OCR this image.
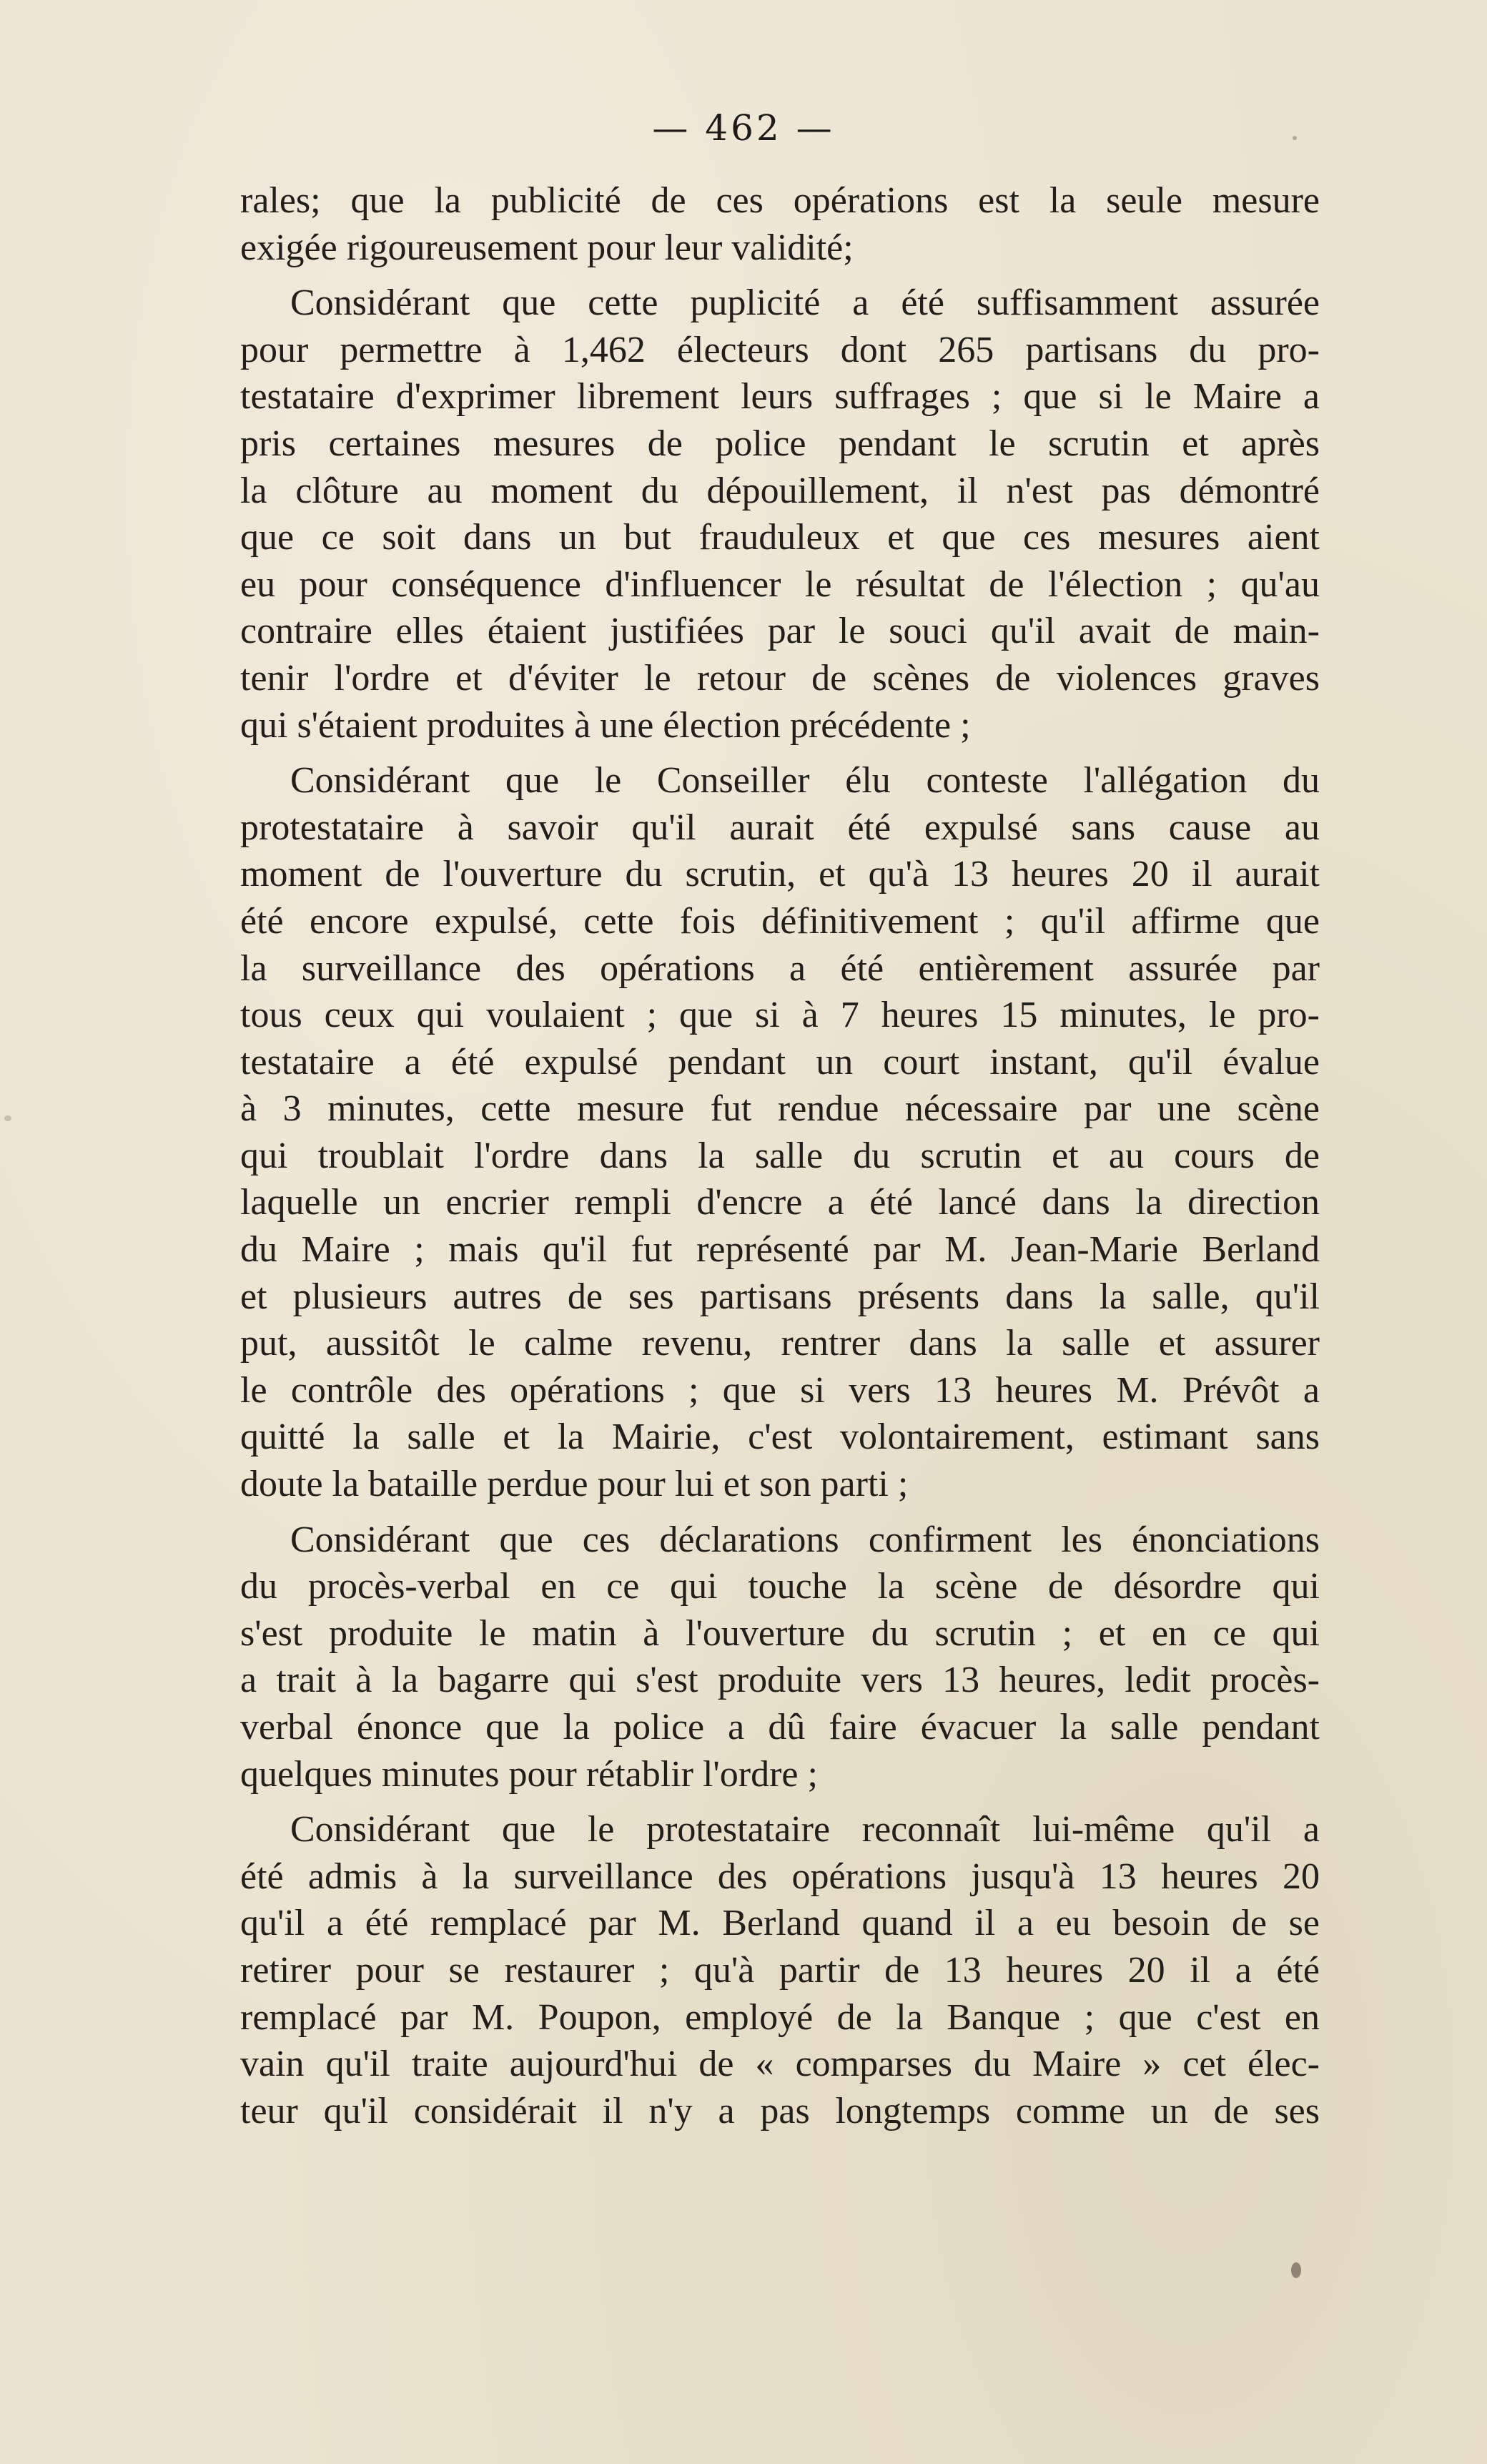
— 462 —
rales; que la publicité de ces opérations est la seule mesure
exigée rigoureusement pour leur validité;
Considérant que cette puplicité a été suffisamment assurée
pour permettre à 1,462 électeurs dont 265 partisans du pro-
testataire d'exprimer librement leurs suffrages ; que si le Maire a
pris certaines mesures de police pendant le scrutin et après
la clôture au moment du dépouillement, il n'est pas démontré
que ce soit dans un but frauduleux et que ces mesures aient
eu pour conséquence d'influencer le résultat de l'élection ; qu'au
contraire elles étaient justifiées par le souci qu'il avait de main-
tenir l'ordre et d'éviter le retour de scènes de violences graves
qui s'étaient produites à une élection précédente ;
Considérant que le Conseiller élu conteste l'allégation du
protestataire à savoir qu'il aurait été expulsé sans cause au
moment de l'ouverture du scrutin, et qu'à 13 heures 20 il aurait
été encore expulsé, cette fois définitivement ; qu'il affirme que
la surveillance des opérations a été entièrement assurée par
tous ceux qui voulaient ; que si à 7 heures 15 minutes, le pro-
testataire a été expulsé pendant un court instant, qu'il évalue
à 3 minutes, cette mesure fut rendue nécessaire par une scène
qui troublait l'ordre dans la salle du scrutin et au cours de
laquelle un encrier rempli d'encre a été lancé dans la direction
du Maire ; mais qu'il fut représenté par M. Jean-Marie Berland
et plusieurs autres de ses partisans présents dans la salle, qu'il
put, aussitôt le calme revenu, rentrer dans la salle et assurer
le contrôle des opérations ; que si vers 13 heures M. Prévôt a
quitté la salle et la Mairie, c'est volontairement, estimant sans
doute la bataille perdue pour lui et son parti ;
Considérant que ces déclarations confirment les énonciations
du procès-verbal en ce qui touche la scène de désordre qui
s'est produite le matin à l'ouverture du scrutin ; et en ce qui
a trait à la bagarre qui s'est produite vers 13 heures, ledit procès-
verbal énonce que la police a dû faire évacuer la salle pendant
quelques minutes pour rétablir l'ordre ;
Considérant que le protestataire reconnaît lui-même qu'il a
été admis à la surveillance des opérations jusqu'à 13 heures 20
qu'il a été remplacé par M. Berland quand il a eu besoin de se
retirer pour se restaurer ; qu'à partir de 13 heures 20 il a été
remplacé par M. Poupon, employé de la Banque ; que c'est en
vain qu'il traite aujourd'hui de « comparses du Maire » cet élec-
teur qu'il considérait il n'y a pas longtemps comme un de ses
